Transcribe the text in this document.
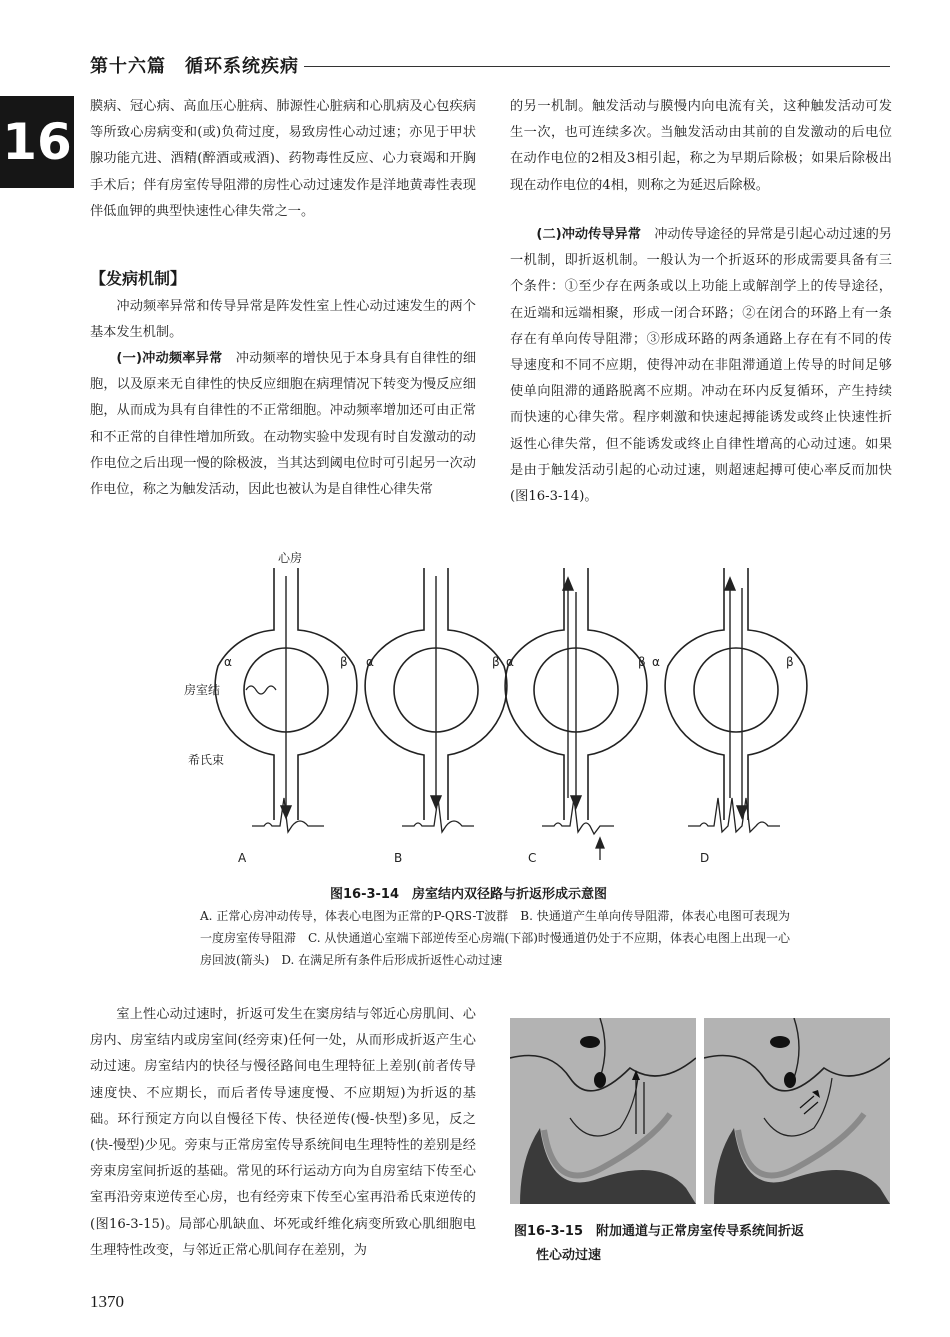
第十六篇　循环系统疾病
16
膜病、冠心病、高血压心脏病、肺源性心脏病和心肌病及心包疾病等所致心房病变和(或)负荷过度，易致房性心动过速；亦见于甲状腺功能亢进、酒精(醉酒或戒酒)、药物毒性反应、心力衰竭和开胸手术后；伴有房室传导阻滞的房性心动过速发作是洋地黄毒性表现伴低血钾的典型快速性心律失常之一。
【发病机制】
冲动频率异常和传导异常是阵发性室上性心动过速发生的两个基本发生机制。
(一)冲动频率异常　 冲动频率的增快见于本身具有自律性的细胞，以及原来无自律性的快反应细胞在病理情况下转变为慢反应细胞，从而成为具有自律性的不正常细胞。冲动频率增加还可由正常和不正常的自律性增加所致。在动物实验中发现有时自发激动的动作电位之后出现一慢的除极波，当其达到阈电位时可引起另一次动作电位，称之为触发活动，因此也被认为是自律性心律失常
的另一机制。触发活动与膜慢内向电流有关，这种触发活动可发生一次，也可连续多次。当触发活动由其前的自发激动的后电位在动作电位的2相及3相引起，称之为早期后除极；如果后除极出现在动作电位的4相，则称之为延迟后除极。
(二)冲动传导异常　 冲动传导途径的异常是引起心动过速的另一机制，即折返机制。一般认为一个折返环的形成需要具备有三个条件：①至少存在两条或以上功能上或解剖学上的传导途径，在近端和远端相聚，形成一闭合环路；②在闭合的环路上有一条存在有单向传导阻滞；③形成环路的两条通路上存在有不同的传导速度和不同不应期，使得冲动在非阻滞通道上传导的时间足够使单向阻滞的通路脱离不应期。冲动在环内反复循环，产生持续而快速的心律失常。程序刺激和快速起搏能诱发或终止快速性折返性心律失常，但不能诱发或终止自律性增高的心动过速。如果是由于触发活动引起的心动过速，则超速起搏可使心率反而加快(图16-3-14)。
心房
房室结
希氏束
α	β α	β α	β α	β
A	B	C	D
图16-3-14　房室结内双径路与折返形成示意图
A. 正常心房冲动传导，体表心电图为正常的P-QRS-T波群　B. 快通道产生单向传导阻滞，体表心电图可表现为一度房室传导阻滞　C. 从快通道心室端下部逆传至心房端(下部)时慢通道仍处于不应期，体表心电图上出现一心房回波(箭头)　D. 在满足所有条件后形成折返性心动过速
室上性心动过速时，折返可发生在窦房结与邻近心房肌间、心房内、房室结内或房室间(经旁束)任何一处，从而形成折返产生心动过速。房室结内的快径与慢径路间电生理特征上差别(前者传导速度快、不应期长，而后者传导速度慢、不应期短)为折返的基础。环行预定方向以自慢径下传、快径逆传(慢-快型)多见，反之(快-慢型)少见。旁束与正常房室传导系统间电生理特性的差别是经旁束房室间折返的基础。常见的环行运动方向为自房室结下传至心室再沿旁束逆传至心房，也有经旁束下传至心室再沿希氏束逆传的(图16-3-15)。局部心肌缺血、坏死或纤维化病变所致心肌细胞电生理特性改变，与邻近正常心肌间存在差别，为
图16-3-15　附加通道与正常房室传导系统间折返
性心动过速
1370
